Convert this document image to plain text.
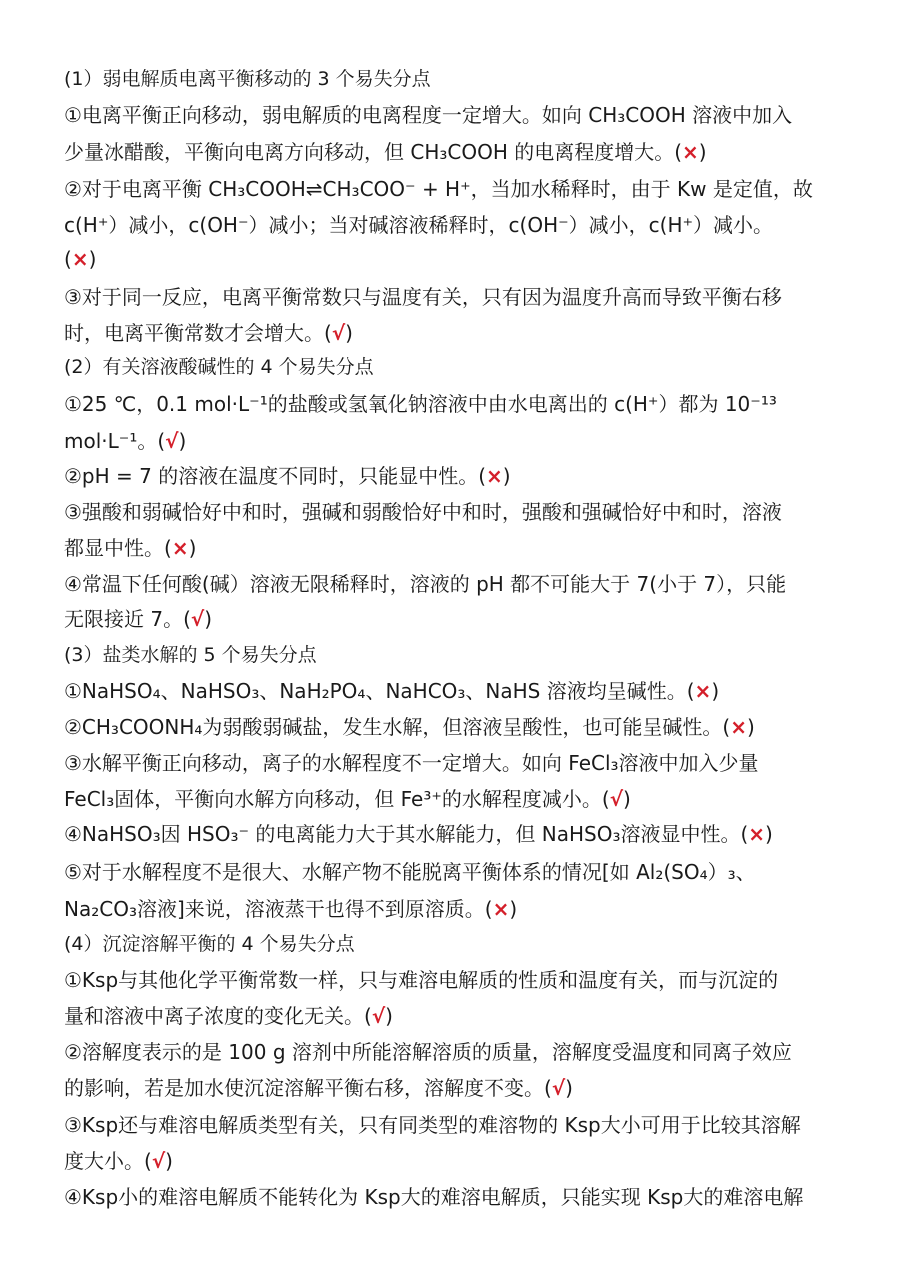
(1）弱电解质电离平衡移动的 3 个易失分点
①电离平衡正向移动，弱电解质的电离程度一定增大。如向 CH₃COOH 溶液中加入
少量冰醋酸，平衡向电离方向移动，但 CH₃COOH 的电离程度增大。(×)
②对于电离平衡 CH₃COOH⇌CH₃COO⁻ + H⁺，当加水稀释时，由于 Kw 是定值，故
c(H⁺）减小，c(OH⁻）减小；当对碱溶液稀释时，c(OH⁻）减小，c(H⁺）减小。
(×)
③对于同一反应，电离平衡常数只与温度有关，只有因为温度升高而导致平衡右移
时，电离平衡常数才会增大。(√)
(2）有关溶液酸碱性的 4 个易失分点
①25 ℃，0.1 mol·L⁻¹的盐酸或氢氧化钠溶液中由水电离出的 c(H⁺）都为 10⁻¹³
mol·L⁻¹。(√)
②pH = 7 的溶液在温度不同时，只能显中性。(×)
③强酸和弱碱恰好中和时，强碱和弱酸恰好中和时，强酸和强碱恰好中和时，溶液
都显中性。(×)
④常温下任何酸(碱）溶液无限稀释时，溶液的 pH 都不可能大于 7(小于 7），只能
无限接近 7。(√)
(3）盐类水解的 5 个易失分点
①NaHSO₄、NaHSO₃、NaH₂PO₄、NaHCO₃、NaHS 溶液均呈碱性。(×)
②CH₃COONH₄为弱酸弱碱盐，发生水解，但溶液呈酸性，也可能呈碱性。(×)
③水解平衡正向移动，离子的水解程度不一定增大。如向 FeCl₃溶液中加入少量
FeCl₃固体，平衡向水解方向移动，但 Fe³⁺的水解程度减小。(√)
④NaHSO₃因 HSO₃⁻ 的电离能力大于其水解能力，但 NaHSO₃溶液显中性。(×)
⑤对于水解程度不是很大、水解产物不能脱离平衡体系的情况[如 Al₂(SO₄）₃、
Na₂CO₃溶液]来说，溶液蒸干也得不到原溶质。(×)
(4）沉淀溶解平衡的 4 个易失分点
①Ksp与其他化学平衡常数一样，只与难溶电解质的性质和温度有关，而与沉淀的
量和溶液中离子浓度的变化无关。(√)
②溶解度表示的是 100 g 溶剂中所能溶解溶质的质量，溶解度受温度和同离子效应
的影响，若是加水使沉淀溶解平衡右移，溶解度不变。(√)
③Ksp还与难溶电解质类型有关，只有同类型的难溶物的 Ksp大小可用于比较其溶解
度大小。(√)
④Ksp小的难溶电解质不能转化为 Ksp大的难溶电解质，只能实现 Ksp大的难溶电解
